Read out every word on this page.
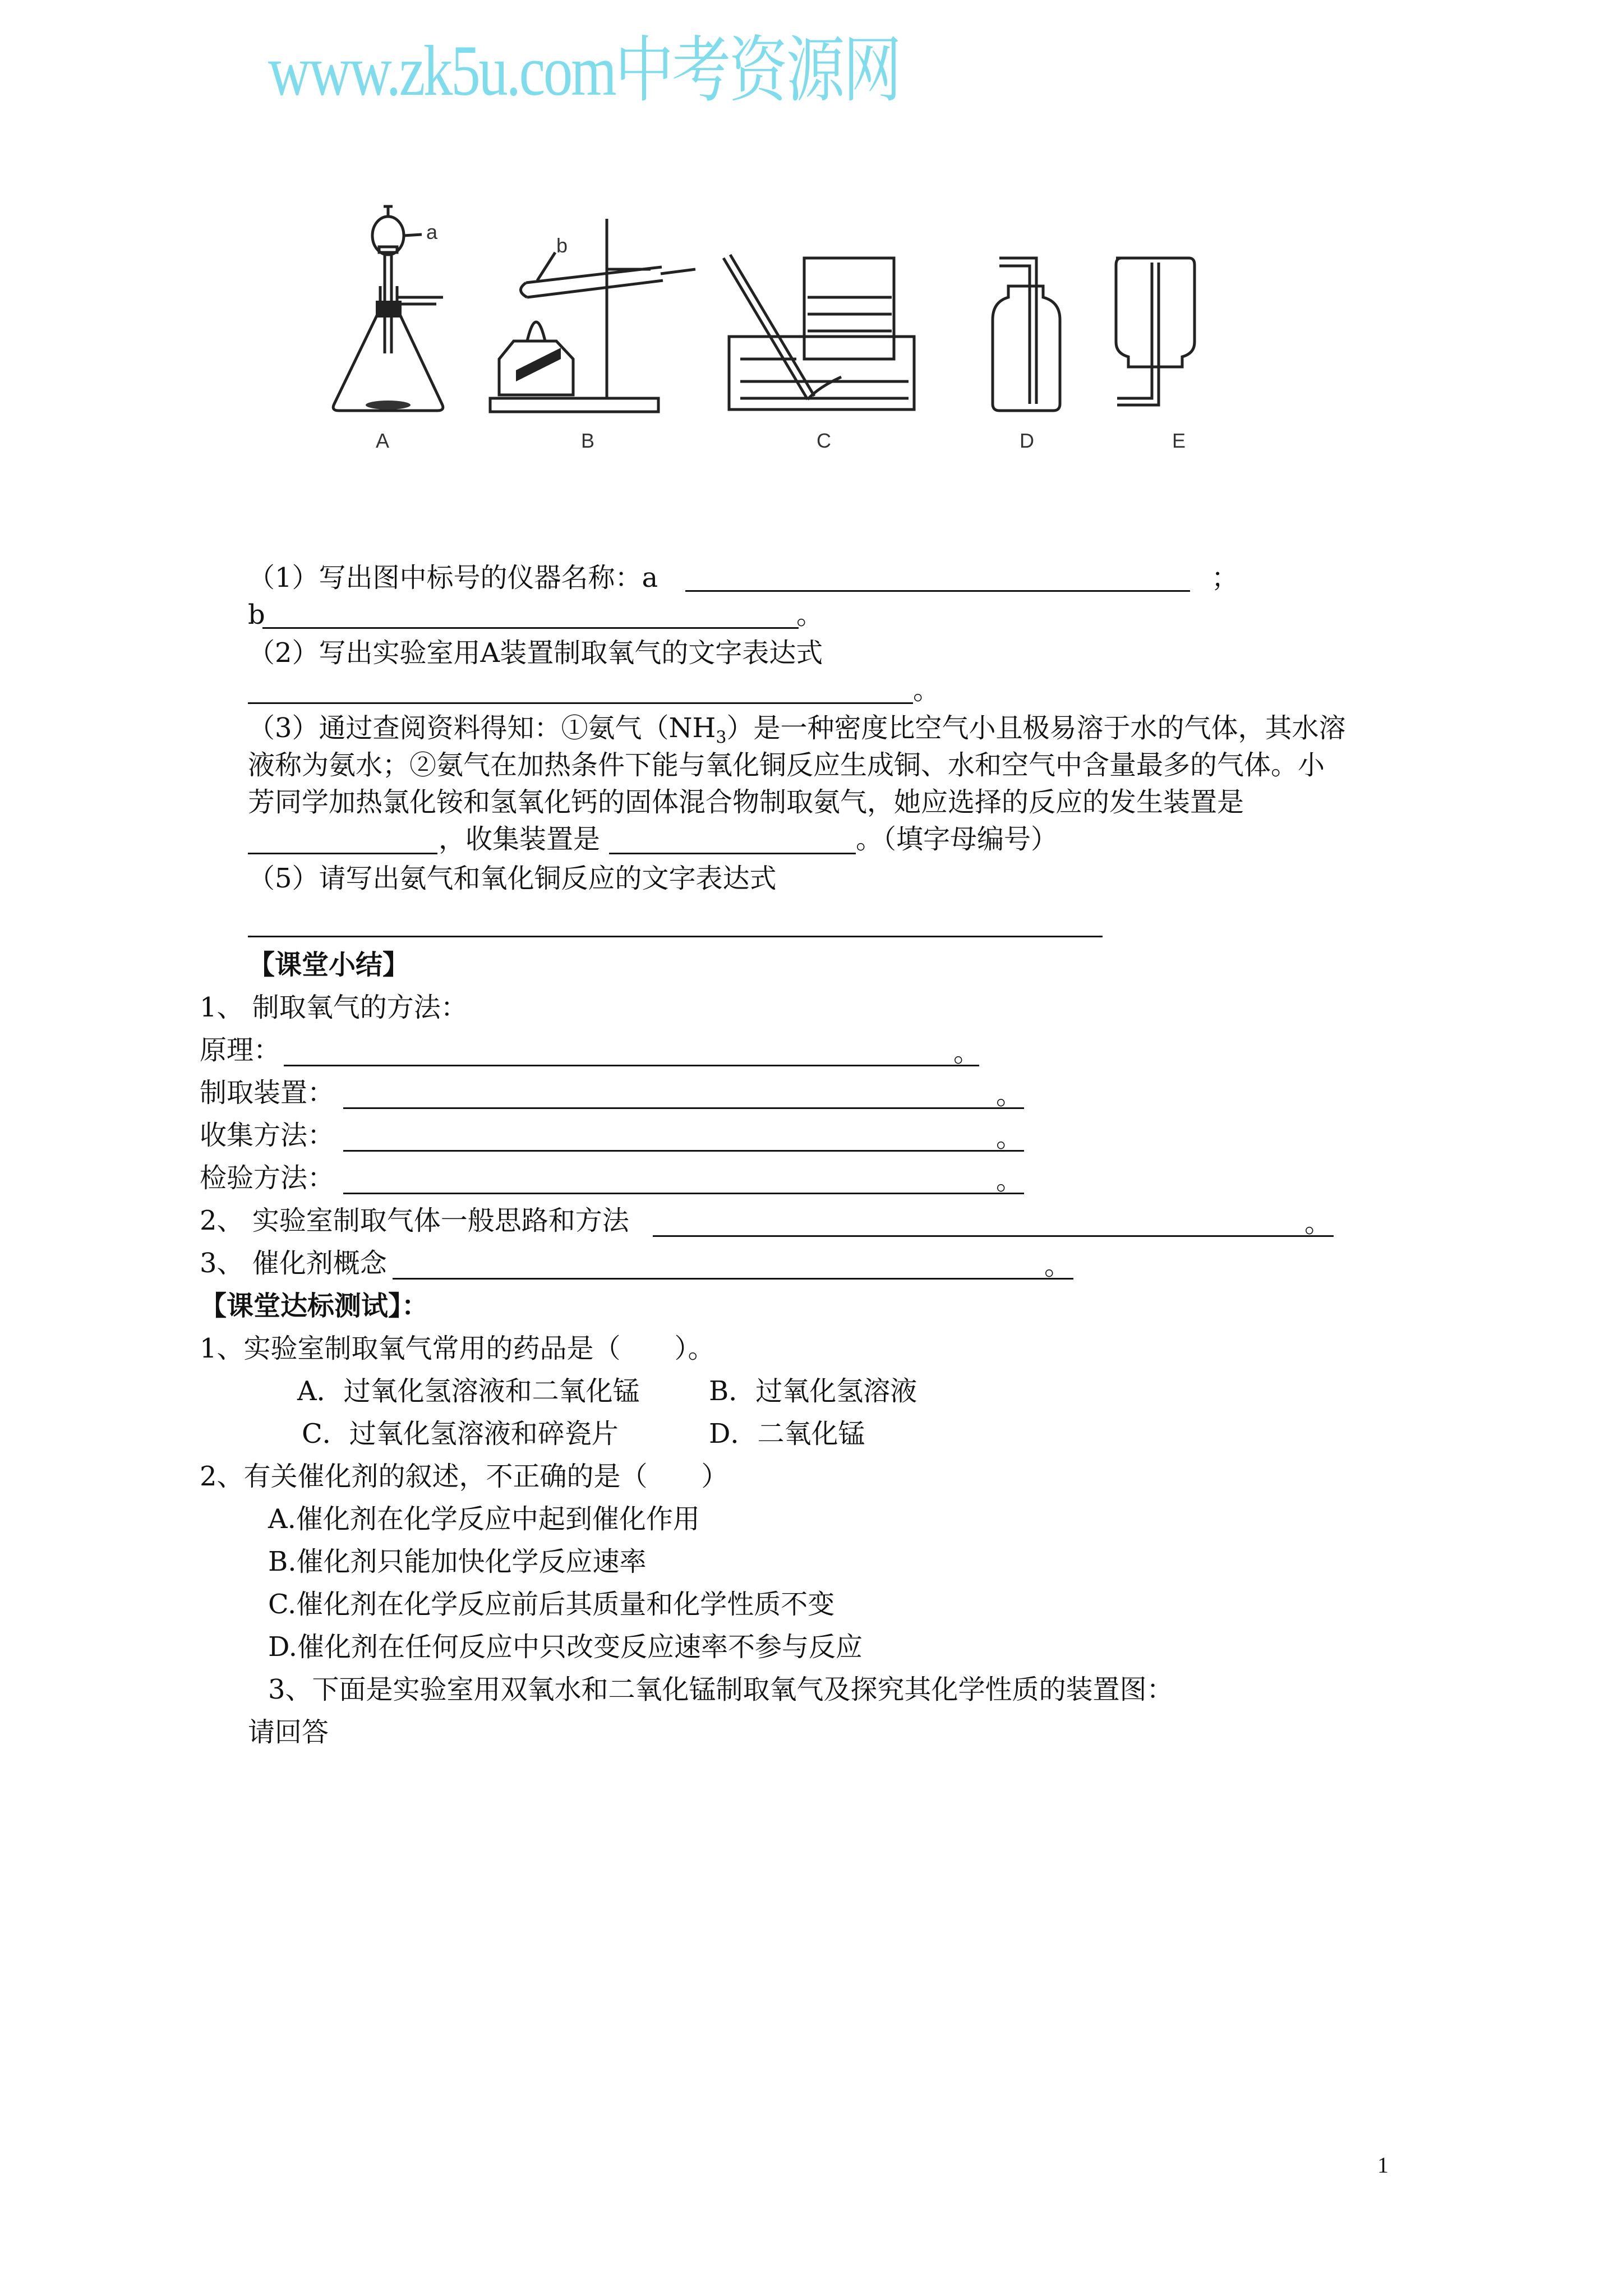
www.zk5u.com中考资源网
A
a
B
b
C	D	E
（1）写出图中标号的仪器名称：a	；
b	。
（2）写出实验室用A装置制取氧气的文字表达式
。
（3）通过查阅资料得知：①氨气$(NH_3)$是一种密度比空气小且极易溶于水的气体，其水溶
液称为氨水；②氨气在加热条件下能与氧化铜反应生成铜、水和空气中含量最多的气体。小
芳同学加热氯化铵和氢氧化钙的固体混合物制取氨气，她应选择的反应的发生装置是
，收集装置是	。（填字母编号）
（5）请写出氨气和氧化铜反应的文字表达式
【课堂小结】
1、 制取氧气的方法：
原理：	。
制取装置：	。
收集方法：	。
检验方法：	。
2、 实验室制取气体一般思路和方法	。
3、 催化剂概念	。
【课堂达标测试】：
1、实验室制取氧气常用的药品是（　　）。
A．过氧化氢溶液和二氧化锰	B．过氧化氢溶液
C．过氧化氢溶液和碎瓷片	D．二氧化锰
2、有关催化剂的叙述，不正确的是（　　）
A.催化剂在化学反应中起到催化作用
B.催化剂只能加快化学反应速率
C.催化剂在化学反应前后其质量和化学性质不变
D.催化剂在任何反应中只改变反应速率不参与反应
3、下面是实验室用双氧水和二氧化锰制取氧气及探究其化学性质的装置图：
请回答
1
